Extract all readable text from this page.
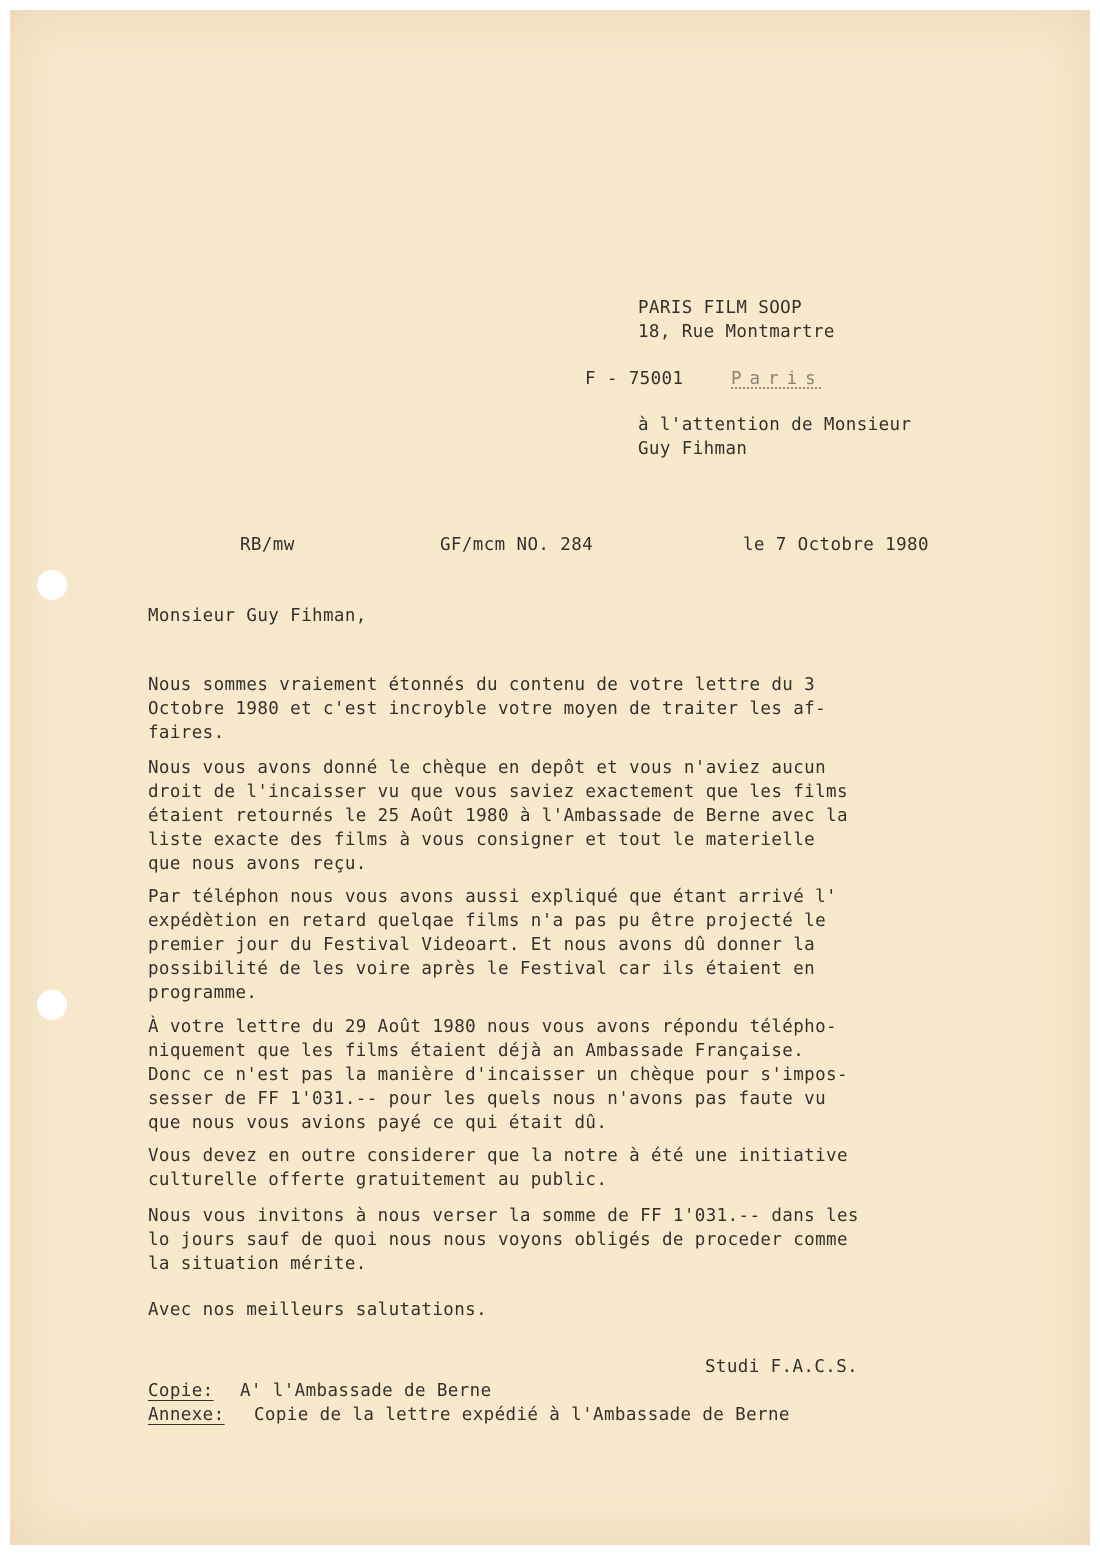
PARIS FILM SOOP
18, Rue Montmartre
F - 75001	Paris
à l'attention de Monsieur
Guy Fihman
RB/mw	GF/mcm NO. 284	le 7 Octobre 1980
Monsieur Guy Fihman,
Nous sommes vraiement étonnés du contenu de votre lettre du 3
Octobre 1980 et c'est incroyble votre moyen de traiter les af-
faires.
Nous vous avons donné le chèque en depôt et vous n'aviez aucun
droit de l'incaisser vu que vous saviez exactement que les films
étaient retournés le 25 Août 1980 à l'Ambassade de Berne avec la
liste exacte des films à vous consigner et tout le materielle
que nous avons reçu.
Par téléphon nous vous avons aussi expliqué que étant arrivé l'
expédètion en retard quelqae films n'a pas pu être projecté le
premier jour du Festival Videoart. Et nous avons dû donner la
possibilité de les voire après le Festival car ils étaient en
programme.
À votre lettre du 29 Août 1980 nous vous avons répondu télépho-
niquement que les films étaient déjà an Ambassade Française.
Donc ce n'est pas la manière d'incaisser un chèque pour s'impos-
sesser de FF 1'031.-- pour les quels nous n'avons pas faute vu
que nous vous avions payé ce qui était dû.
Vous devez en outre considerer que la notre à été une initiative
culturelle offerte gratuitement au public.
Nous vous invitons à nous verser la somme de FF 1'031.-- dans les
lo jours sauf de quoi nous nous voyons obligés de proceder comme
la situation mérite.
Avec nos meilleurs salutations.
Studi F.A.C.S.
Copie: A' l'Ambassade de Berne
Annexe: Copie de la lettre expédié à l'Ambassade de Berne
